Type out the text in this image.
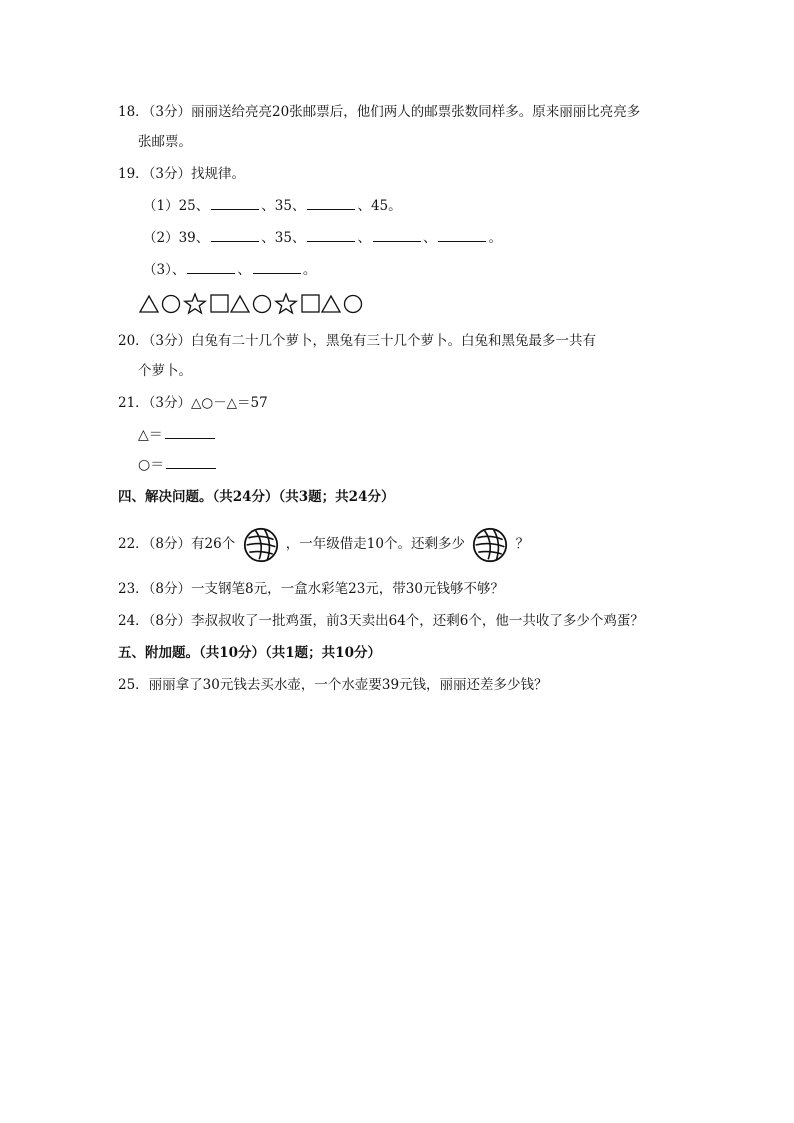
18．（3分）丽丽送给亮亮20张邮票后，他们两人的邮票张数同样多。原来丽丽比亮亮多
张邮票。
19．（3分）找规律。
（1）25、	、35、	、45。
（2）39、	、35、	、	、	。
（3）、	、	。
20．（3分）白兔有二十几个萝卜，黑兔有三十几个萝卜。白兔和黑兔最多一共有
个萝卜。
21．（3分）△○－△＝57
△＝
○＝
四、解决问题。（共24分）（共3题；共24分）
22．（8分）有26个	，一年级借走10个。还剩多少	？
23．（8分）一支钢笔8元，一盒水彩笔23元，带30元钱够不够？
24．（8分）李叔叔收了一批鸡蛋，前3天卖出64个，还剩6个，他一共收了多少个鸡蛋？
五、附加题。（共10分）（共1题；共10分）
25．丽丽拿了30元钱去买水壶，一个水壶要39元钱，丽丽还差多少钱？
